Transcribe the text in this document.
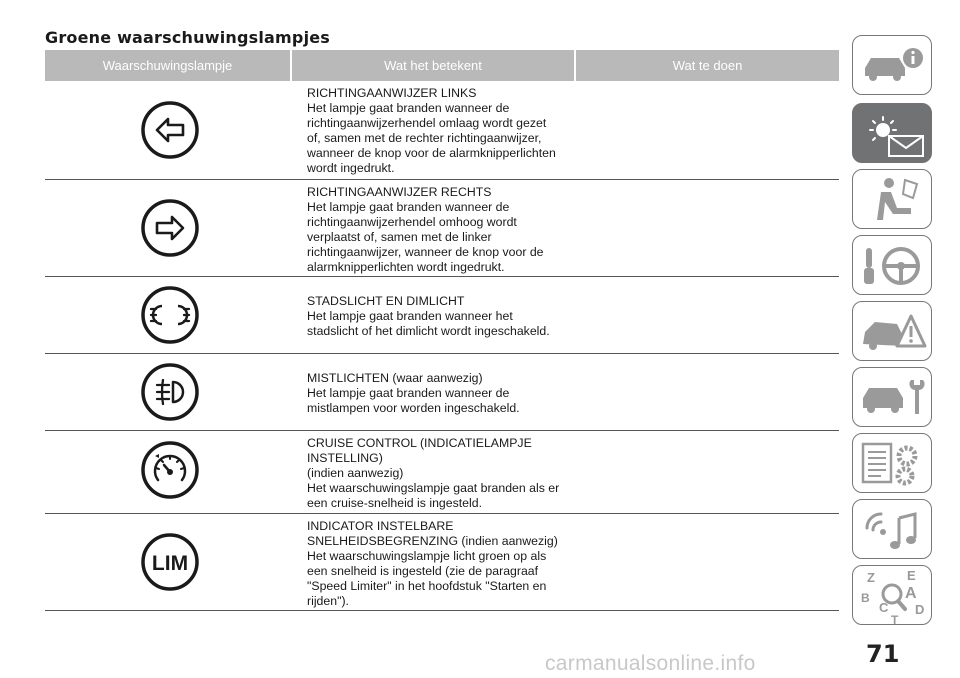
Groene waarschuwingslampjes
Waarschuwingslampje	Wat het betekent	Wat te doen
RICHTINGAANWIJZER LINKS
Het lampje gaat branden wanneer de
richtingaanwijzerhendel omlaag wordt gezet
of, samen met de rechter richtingaanwijzer,
wanneer de knop voor de alarmknipperlichten
wordt ingedrukt.
RICHTINGAANWIJZER RECHTS
Het lampje gaat branden wanneer de
richtingaanwijzerhendel omhoog wordt
verplaatst of, samen met de linker
richtingaanwijzer, wanneer de knop voor de
alarmknipperlichten wordt ingedrukt.
STADSLICHT EN DIMLICHT
Het lampje gaat branden wanneer het
stadslicht of het dimlicht wordt ingeschakeld.
MISTLICHTEN (waar aanwezig)
Het lampje gaat branden wanneer de
mistlampen voor worden ingeschakeld.
CRUISE CONTROL (INDICATIELAMPJE
INSTELLING)
(indien aanwezig)
Het waarschuwingslampje gaat branden als er
een cruise-snelheid is ingesteld.
LIM
INDICATOR INSTELBARE
SNELHEIDSBEGRENZING (indien aanwezig)
Het waarschuwingslampje licht groen op als
een snelheid is ingesteld (zie de paragraaf
"Speed Limiter" in het hoofdstuk "Starten en
rijden").
Z E
A
B
C D
T
71
carmanualsonline.info
